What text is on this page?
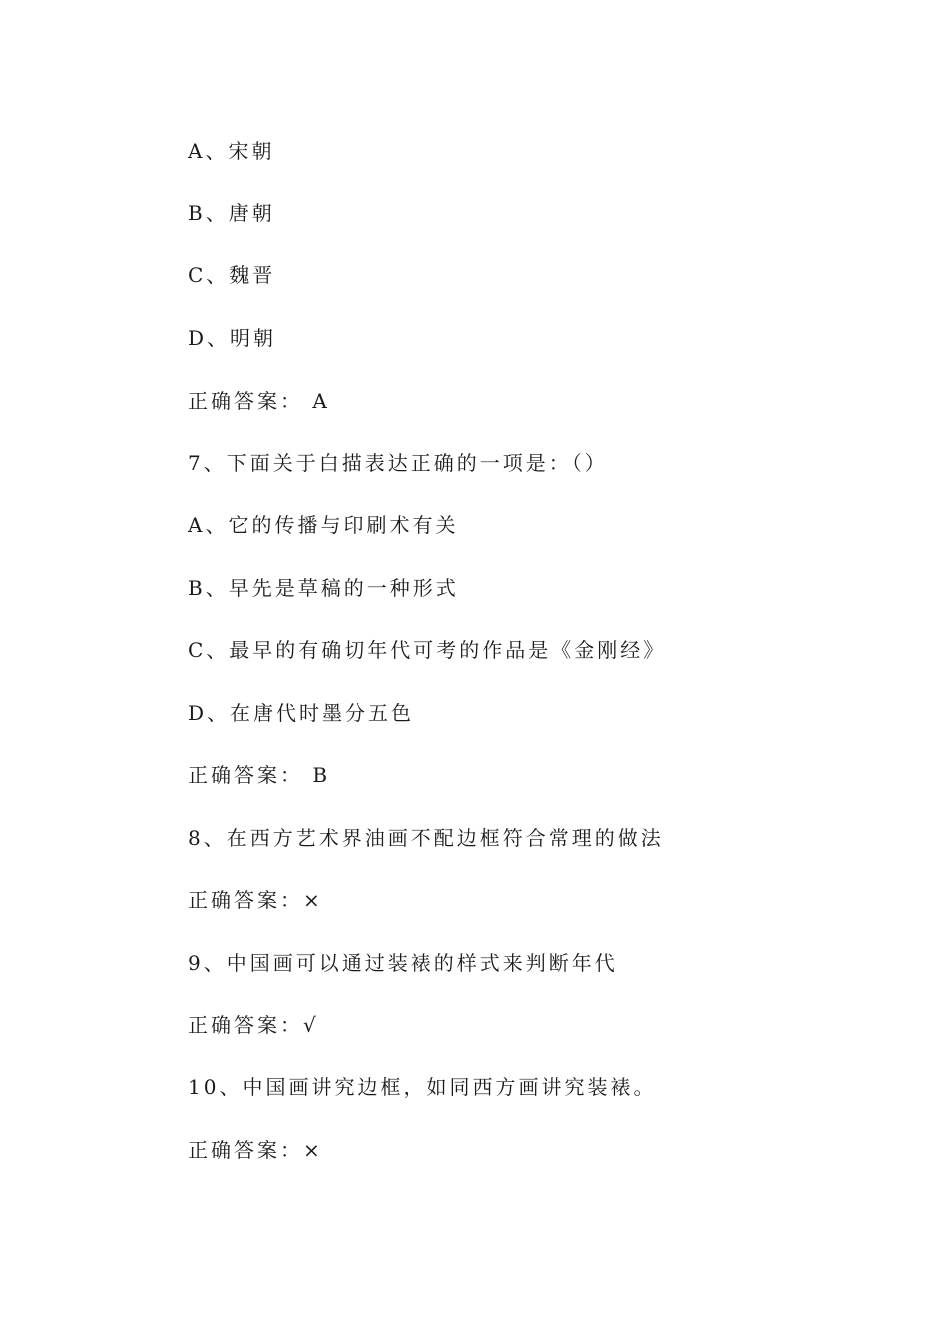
A、宋朝
B、唐朝
C、魏晋
D、明朝
正确答案： A
7、下面关于白描表达正确的一项是：（）
A、它的传播与印刷术有关
B、早先是草稿的一种形式
C、最早的有确切年代可考的作品是《金刚经》
D、在唐代时墨分五色
正确答案： B
8、在西方艺术界油画不配边框符合常理的做法
正确答案：×
9、中国画可以通过装裱的样式来判断年代
正确答案：√
10、中国画讲究边框，如同西方画讲究装裱。
正确答案：×
